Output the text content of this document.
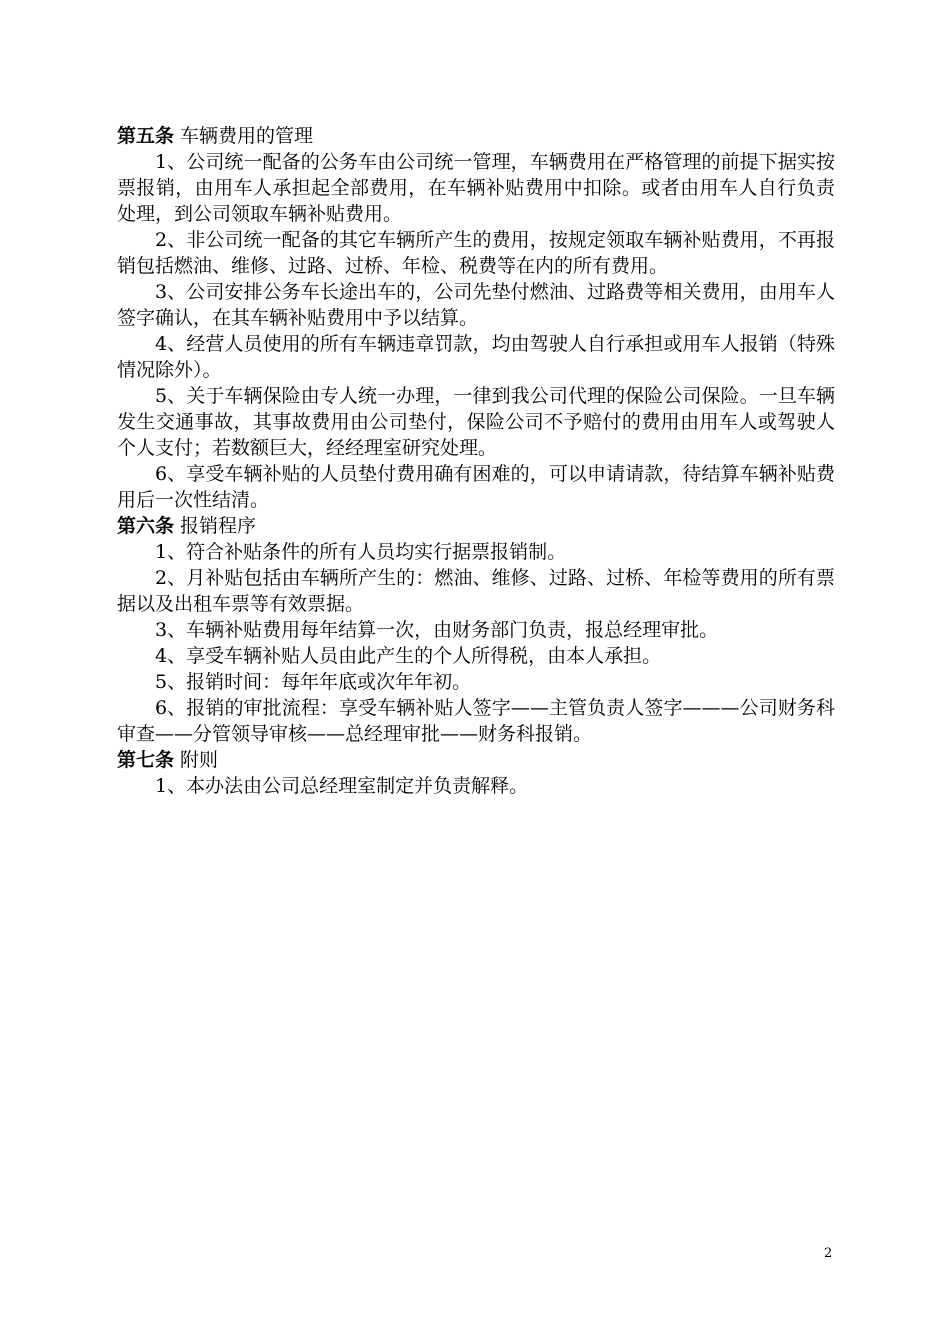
第五条 车辆费用的管理

1、公司统一配备的公务车由公司统一管理，车辆费用在严格管理的前提下据实按票报销，由用车人承担起全部费用，在车辆补贴费用中扣除。或者由用车人自行负责处理，到公司领取车辆补贴费用。

2、非公司统一配备的其它车辆所产生的费用，按规定领取车辆补贴费用，不再报销包括燃油、维修、过路、过桥、年检、税费等在内的所有费用。

3、公司安排公务车长途出车的，公司先垫付燃油、过路费等相关费用，由用车人签字确认，在其车辆补贴费用中予以结算。

4、经营人员使用的所有车辆违章罚款，均由驾驶人自行承担或用车人报销（特殊情况除外）。

5、关于车辆保险由专人统一办理，一律到我公司代理的保险公司保险。一旦车辆发生交通事故，其事故费用由公司垫付，保险公司不予赔付的费用由用车人或驾驶人个人支付；若数额巨大，经经理室研究处理。

6、享受车辆补贴的人员垫付费用确有困难的，可以申请请款，待结算车辆补贴费用后一次性结清。

第六条 报销程序

1、符合补贴条件的所有人员均实行据票报销制。

2、月补贴包括由车辆所产生的：燃油、维修、过路、过桥、年检等费用的所有票据以及出租车票等有效票据。

3、车辆补贴费用每年结算一次，由财务部门负责，报总经理审批。

4、享受车辆补贴人员由此产生的个人所得税，由本人承担。

5、报销时间：每年年底或次年年初。

6、报销的审批流程：享受车辆补贴人签字——主管负责人签字———公司财务科审查——分管领导审核——总经理审批——财务科报销。

第七条 附则

1、本办法由公司总经理室制定并负责解释。

2
